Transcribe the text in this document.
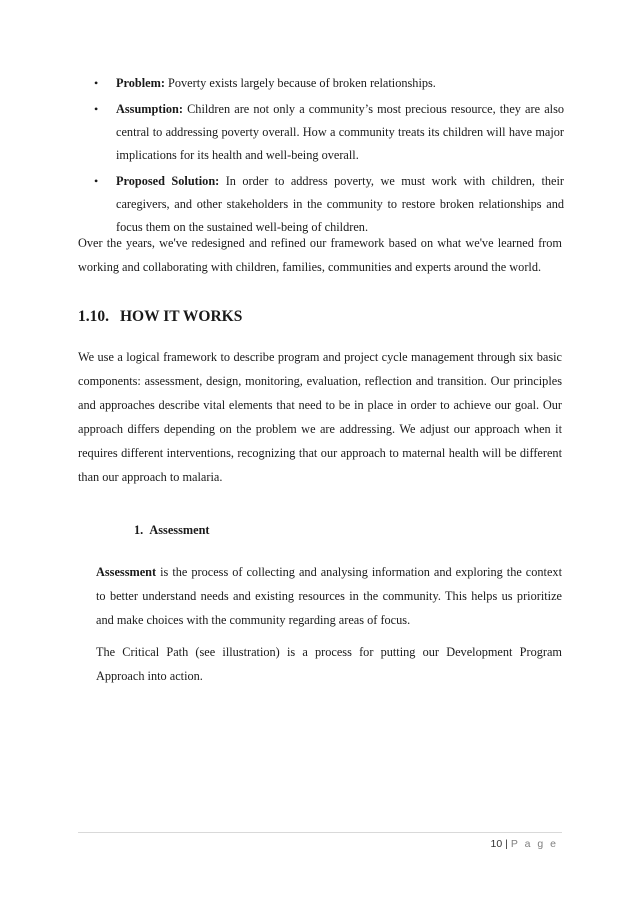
• Problem: Poverty exists largely because of broken relationships.
• Assumption: Children are not only a community’s most precious resource, they are also central to addressing poverty overall. How a community treats its children will have major implications for its health and well-being overall.
• Proposed Solution: In order to address poverty, we must work with children, their caregivers, and other stakeholders in the community to restore broken relationships and focus them on the sustained well-being of children.

Over the years, we've redesigned and refined our framework based on what we've learned from working and collaborating with children, families, communities and experts around the world.

1.10. HOW IT WORKS

We use a logical framework to describe program and project cycle management through six basic components: assessment, design, monitoring, evaluation, reflection and transition. Our principles and approaches describe vital elements that need to be in place in order to achieve our goal. Our approach differs depending on the problem we are addressing. We adjust our approach when it requires different interventions, recognizing that our approach to maternal health will be different than our approach to malaria.

1. Assessment

Assessment is the process of collecting and analysing information and exploring the context to better understand needs and existing resources in the community. This helps us prioritize and make choices with the community regarding areas of focus.

The Critical Path (see illustration) is a process for putting our Development Program Approach into action.

10 | P a g e
